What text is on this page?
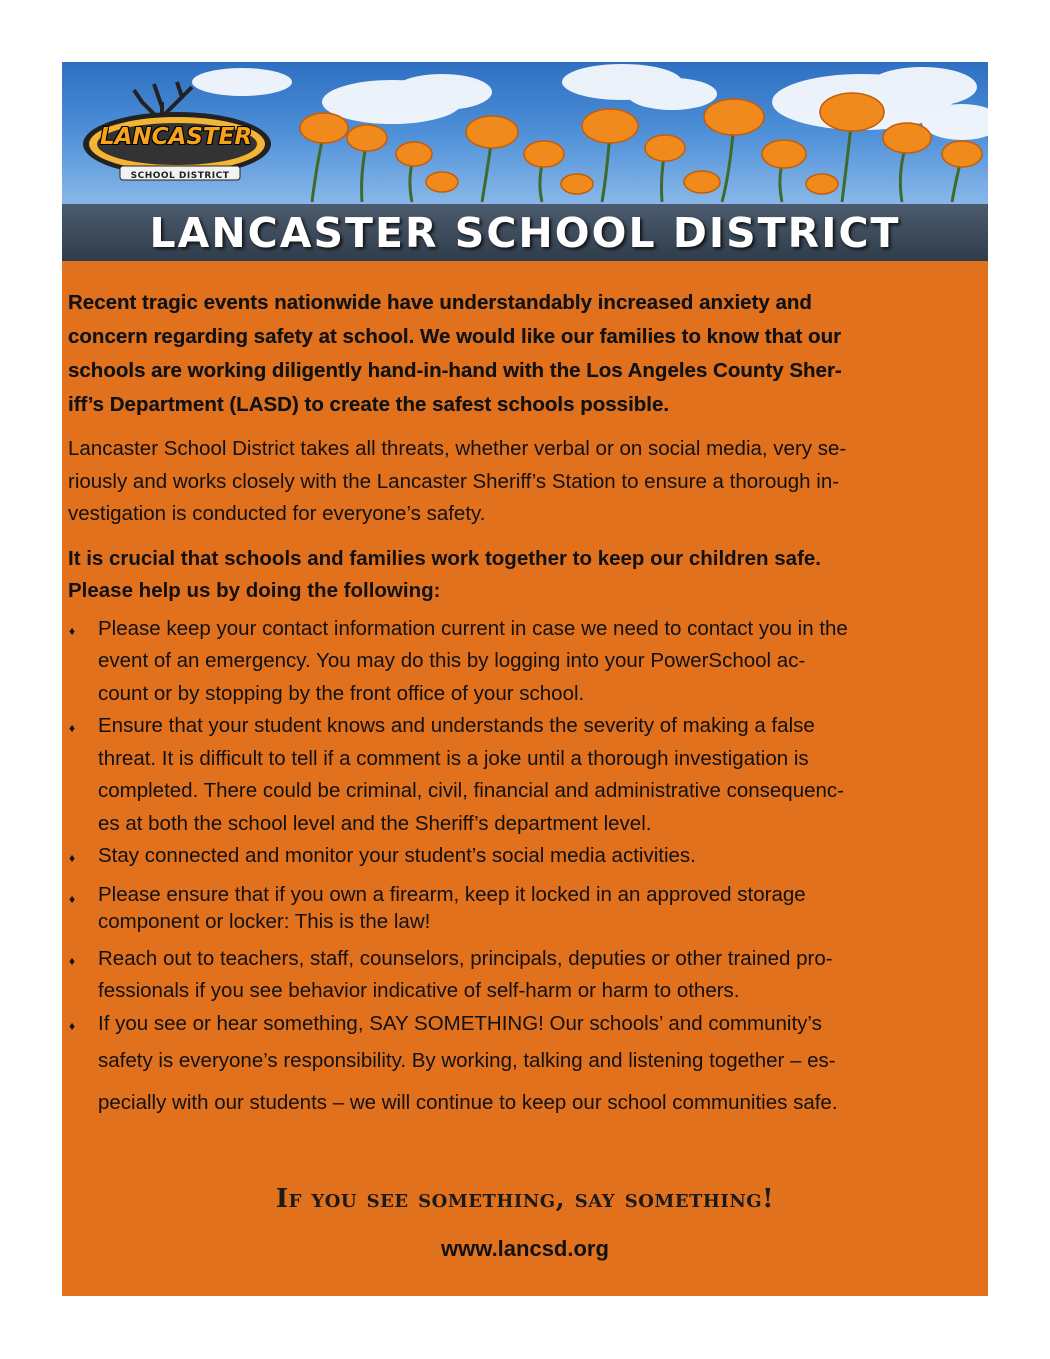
LANCASTER
SCHOOL DISTRICT
LANCASTER SCHOOL DISTRICT
Recent tragic events nationwide have understandably increased anxiety and
concern regarding safety at school. We would like our families to know that our
schools are working diligently hand-in-hand with the Los Angeles County Sher-
iff’s Department (LASD) to create the safest schools possible.
Lancaster School District takes all threats, whether verbal or on social media, very se-
riously and works closely with the Lancaster Sheriff’s Station to ensure a thorough in-
vestigation is conducted for everyone’s safety.
It is crucial that schools and families work together to keep our children safe.
Please help us by doing the following:
♦ Please keep your contact information current in case we need to contact you in the
event of an emergency. You may do this by logging into your PowerSchool ac-
count or by stopping by the front office of your school.
♦ Ensure that your student knows and understands the severity of making a false
threat. It is difficult to tell if a comment is a joke until a thorough investigation is
completed. There could be criminal, civil, financial and administrative consequenc-
es at both the school level and the Sheriff’s department level.
♦ Stay connected and monitor your student’s social media activities.
♦ Please ensure that if you own a firearm, keep it locked in an approved storage
component or locker: This is the law!
♦ Reach out to teachers, staff, counselors, principals, deputies or other trained pro-
fessionals if you see behavior indicative of self-harm or harm to others.
♦ If you see or hear something, SAY SOMETHING! Our schools’ and community’s
safety is everyone’s responsibility. By working, talking and listening together – es-
pecially with our students – we will continue to keep our school communities safe.
If you see something, say something!
www.lancsd.org
